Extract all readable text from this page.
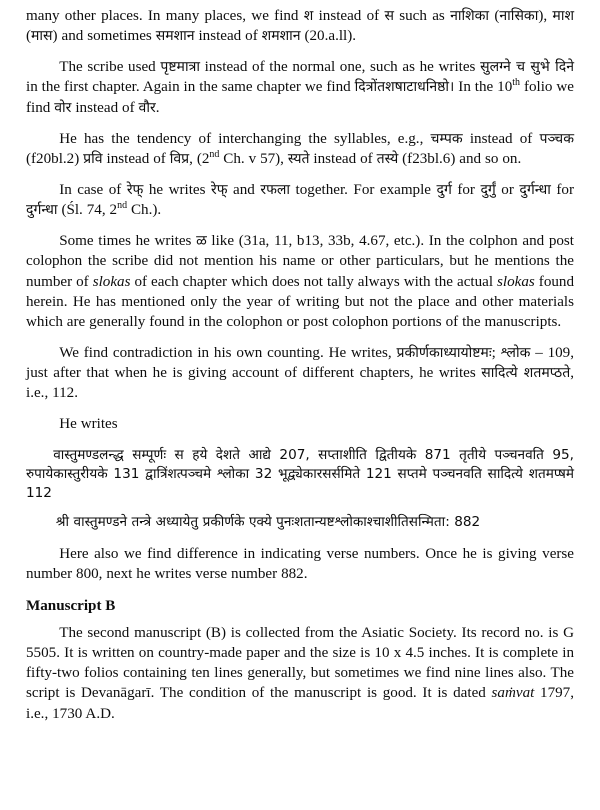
many other places. In many places, we find श instead of स such as नाशिका (नासिका), माश (मास) and sometimes समशान instead of शमशान (20.a.ll).

The scribe used पृष्टमात्रा instead of the normal one, such as he writes सुलग्ने च सुभे दिने in the first chapter. Again in the same chapter we find दित्रोंतशषाटाधनिष्ठो। In the 10th folio we find वोर instead of वौर.

He has the tendency of interchanging the syllables, e.g., चम्पक instead of पञ्चक (f20bl.2) प्रवि instead of विप्र, (2nd Ch. v 57), स्यते instead of तस्ये (f23bl.6) and so on.

In case of रेफ् he writes रेफ् and रफला together. For example दुर्ग for दुर्गुं or दुर्गन्धा for दुर्गन्धा (Śl. 74, 2nd Ch.).

Some times he writes ळ like (31a, 11, b13, 33b, 4.67, etc.). In the colphon and post colophon the scribe did not mention his name or other particulars, but he mentions the number of slokas of each chapter which does not tally always with the actual slokas found herein. He has mentioned only the year of writing but not the place and other materials which are generally found in the colophon or post colophon portions of the manuscripts.

We find contradiction in his own counting. He writes, प्रकीर्णकाध्यायोष्टमः; श्लोक – 109, just after that when he is giving account of different chapters, he writes सादित्ये शतमप्ठते, i.e., 112.

He writes

वास्तुमण्डलन्द्ध सम्पूर्णः स हये देशते आद्ये 207, सप्ताशीति द्वितीयके 871 तृतीये पञ्चनवति 95, रुपायेकास्तुरीयके 131 द्वात्रिंशत्पञ्चमे श्लोका 32 भूद्व्येकारसर्समिते 121 सप्तमे पञ्चनवति सादित्ये शतमप्षमे 112

श्री वास्तुमण्डने तन्त्रे अध्यायेतु प्रकीर्णके एक्ये पुनःशतान्यष्टश्लोकाश्चाशीतिसन्मिता: 882

Here also we find difference in indicating verse numbers. Once he is giving verse number 800, next he writes verse number 882.

Manuscript B

The second manuscript (B) is collected from the Asiatic Society. Its record no. is G 5505. It is written on country-made paper and the size is 10 x 4.5 inches. It is complete in fifty-two folios containing ten lines generally, but sometimes we find nine lines also. The script is Devanāgarī. The condition of the manuscript is good. It is dated saṁvat 1797, i.e., 1730 A.D.
